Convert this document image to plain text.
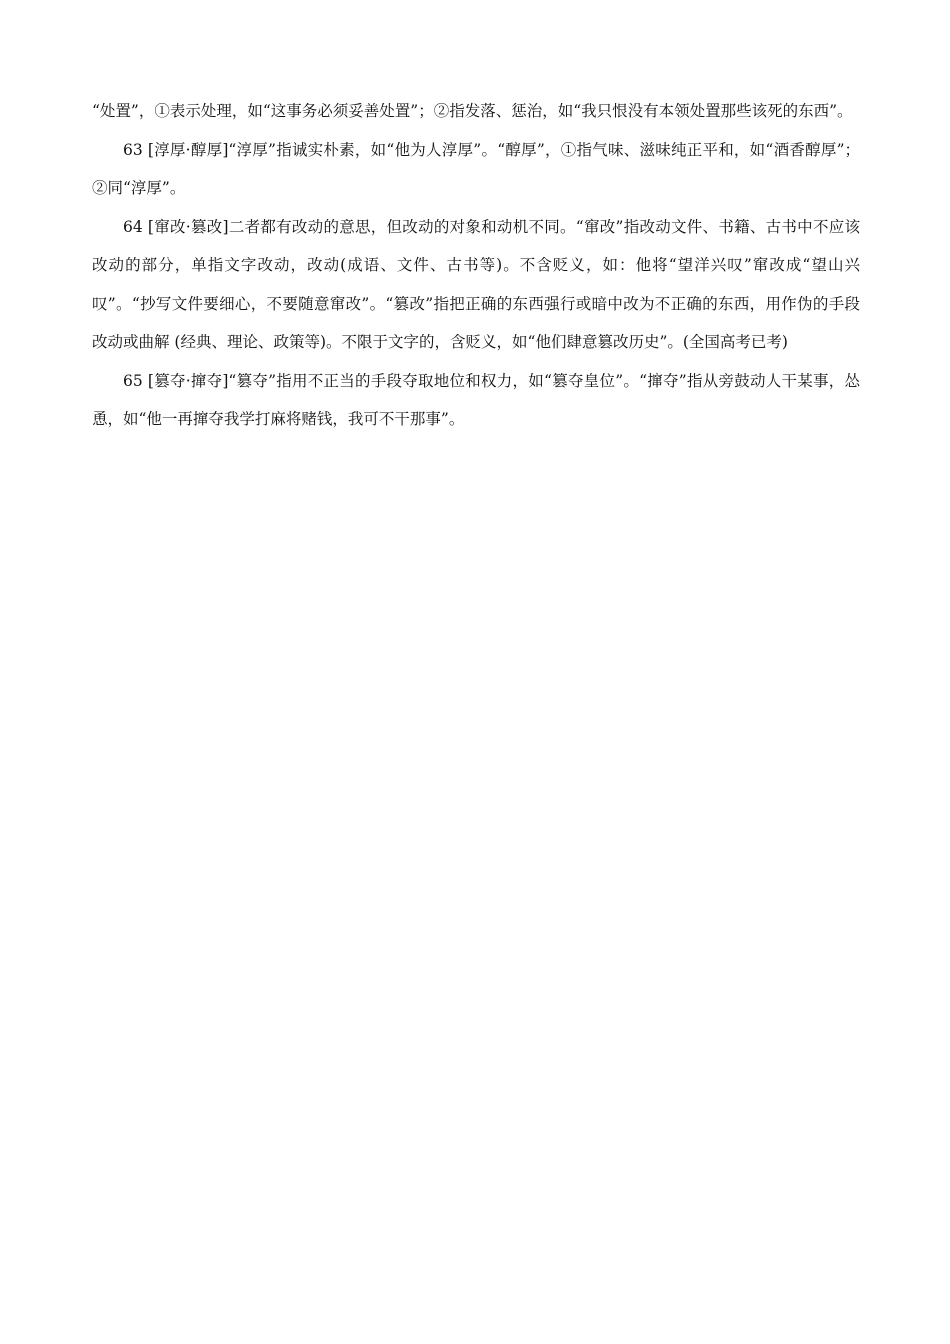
“处置”，①表示处理，如“这事务必须妥善处置”；②指发落、惩治，如“我只恨没有本领处置那些该死的东西”。

63 [淳厚·醇厚]“淳厚”指诚实朴素，如“他为人淳厚”。“醇厚”，①指气味、滋味纯正平和，如“酒香醇厚”；②同“淳厚”。

64 [窜改·篡改]二者都有改动的意思，但改动的对象和动机不同。“窜改”指改动文件、书籍、古书中不应该改动的部分，单指文字改动，改动(成语、文件、古书等)。不含贬义，如：他将“望洋兴叹”窜改成“望山兴叹”。“抄写文件要细心，不要随意窜改”。“篡改”指把正确的东西强行或暗中改为不正确的东西，用作伪的手段改动或曲解 (经典、理论、政策等)。不限于文字的，含贬义，如“他们肆意篡改历史”。(全国高考已考)

65 [篡夺·撺夺]“篡夺”指用不正当的手段夺取地位和权力，如“篡夺皇位”。“撺夺”指从旁鼓动人干某事，怂恿，如“他一再撺夺我学打麻将赌钱，我可不干那事”。
